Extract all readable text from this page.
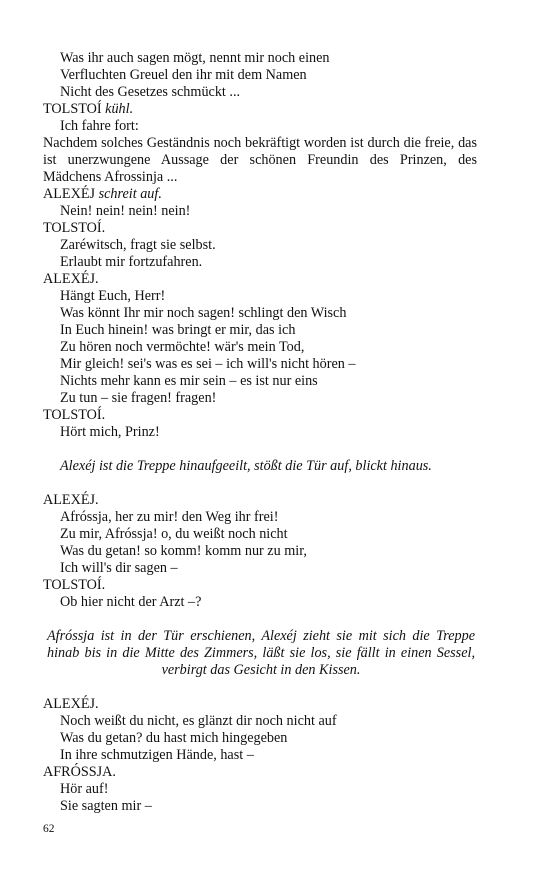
Was ihr auch sagen mögt, nennt mir noch einen
Verfluchten Greuel den ihr mit dem Namen
Nicht des Gesetzes schmückt ...
TOLSTOÍ kühl.
Ich fahre fort:
Nachdem solches Geständnis noch bekräftigt worden ist durch die freie, das ist unerzwungene Aussage der schönen Freundin des Prinzen, des Mädchens Afrossinja ...
ALEXÉJ schreit auf.
Nein! nein! nein! nein!
TOLSTOÍ.
Zaréwitsch, fragt sie selbst.
Erlaubt mir fortzufahren.
ALEXÉJ.
Hängt Euch, Herr!
Was könnt Ihr mir noch sagen! schlingt den Wisch
In Euch hinein! was bringt er mir, das ich
Zu hören noch vermöchte! wär's mein Tod,
Mir gleich! sei's was es sei – ich will's nicht hören –
Nichts mehr kann es mir sein – es ist nur eins
Zu tun – sie fragen! fragen!
TOLSTOÍ.
Hört mich, Prinz!
Alexéj ist die Treppe hinaufgeeilt, stößt die Tür auf, blickt hinaus.
ALEXÉJ.
Afróssja, her zu mir! den Weg ihr frei!
Zu mir, Afróssja! o, du weißt noch nicht
Was du getan! so komm! komm nur zu mir,
Ich will's dir sagen –
TOLSTOÍ.
Ob hier nicht der Arzt –?
Afróssja ist in der Tür erschienen, Alexéj zieht sie mit sich die Treppe hinab bis in die Mitte des Zimmers, läßt sie los, sie fällt in einen Sessel, verbirgt das Gesicht in den Kissen.
ALEXÉJ.
Noch weißt du nicht, es glänzt dir noch nicht auf
Was du getan? du hast mich hingegeben
In ihre schmutzigen Hände, hast –
AFRÓSSJA.
Hör auf!
Sie sagten mir –
62
